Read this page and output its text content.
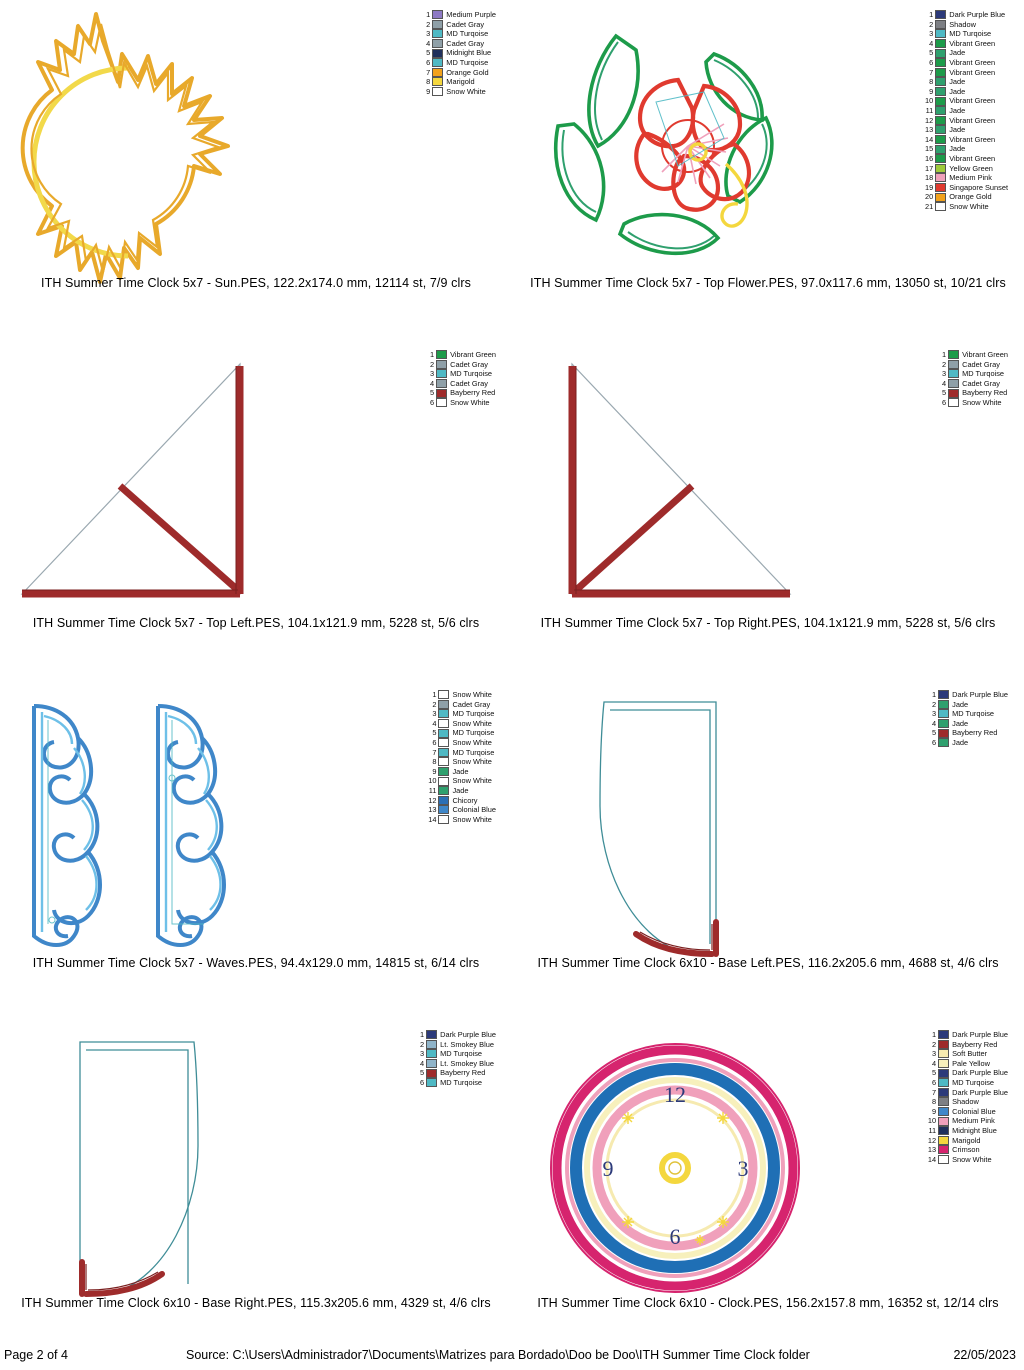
1 Medium Purple
2 Cadet Gray
3 MD Turqoise
4 Cadet Gray
5 Midnight Blue
6 MD Turqoise
7 Orange Gold
8 Marigold
9 Snow White
ITH Summer Time Clock 5x7 - Sun.PES, 122.2x174.0 mm, 12114 st, 7/9 clrs
1 Dark Purple Blue
2 Shadow
3 MD Turqoise
4 Vibrant Green
5 Jade
6 Vibrant Green
7 Vibrant Green
8 Jade
9 Jade
10 Vibrant Green
11 Jade
12 Vibrant Green
13 Jade
14 Vibrant Green
15 Jade
16 Vibrant Green
17 Yellow Green
18 Medium Pink
19 Singapore Sunset
20 Orange Gold
21 Snow White
ITH Summer Time Clock 5x7 - Top Flower.PES, 97.0x117.6 mm, 13050 st, 10/21 clrs
1 Vibrant Green
2 Cadet Gray
3 MD Turqoise
4 Cadet Gray
5 Bayberry Red
6 Snow White
ITH Summer Time Clock 5x7 - Top Left.PES, 104.1x121.9 mm, 5228 st, 5/6 clrs
1 Vibrant Green
2 Cadet Gray
3 MD Turqoise
4 Cadet Gray
5 Bayberry Red
6 Snow White
ITH Summer Time Clock 5x7 - Top Right.PES, 104.1x121.9 mm, 5228 st, 5/6 clrs
1 Snow White
2 Cadet Gray
3 MD Turqoise
4 Snow White
5 MD Turqoise
6 Snow White
7 MD Turqoise
8 Snow White
9 Jade
10 Snow White
11 Jade
12 Chicory
13 Colonial Blue
14 Snow White
ITH Summer Time Clock 5x7 - Waves.PES, 94.4x129.0 mm, 14815 st, 6/14 clrs
1 Dark Purple Blue
2 Jade
3 MD Turqoise
4 Jade
5 Bayberry Red
6 Jade
ITH Summer Time Clock 6x10 - Base Left.PES, 116.2x205.6 mm, 4688 st, 4/6 clrs
1 Dark Purple Blue
2 Lt. Smokey Blue
3 MD Turqoise
4 Lt. Smokey Blue
5 Bayberry Red
6 MD Turqoise
ITH Summer Time Clock 6x10 - Base Right.PES, 115.3x205.6 mm, 4329 st, 4/6 clrs
12
3
6
9
1 Dark Purple Blue
2 Bayberry Red
3 Soft Butter
4 Pale Yellow
5 Dark Purple Blue
6 MD Turqoise
7 Dark Purple Blue
8 Shadow
9 Colonial Blue
10 Medium Pink
11 Midnight Blue
12 Marigold
13 Crimson
14 Snow White
ITH Summer Time Clock 6x10 - Clock.PES, 156.2x157.8 mm, 16352 st, 12/14 clrs
Page 2 of 4	Source: C:\Users\Administrador7\Documents\Matrizes para Bordado\Doo be Doo\ITH Summer Time Clock folder	22/05/2023
